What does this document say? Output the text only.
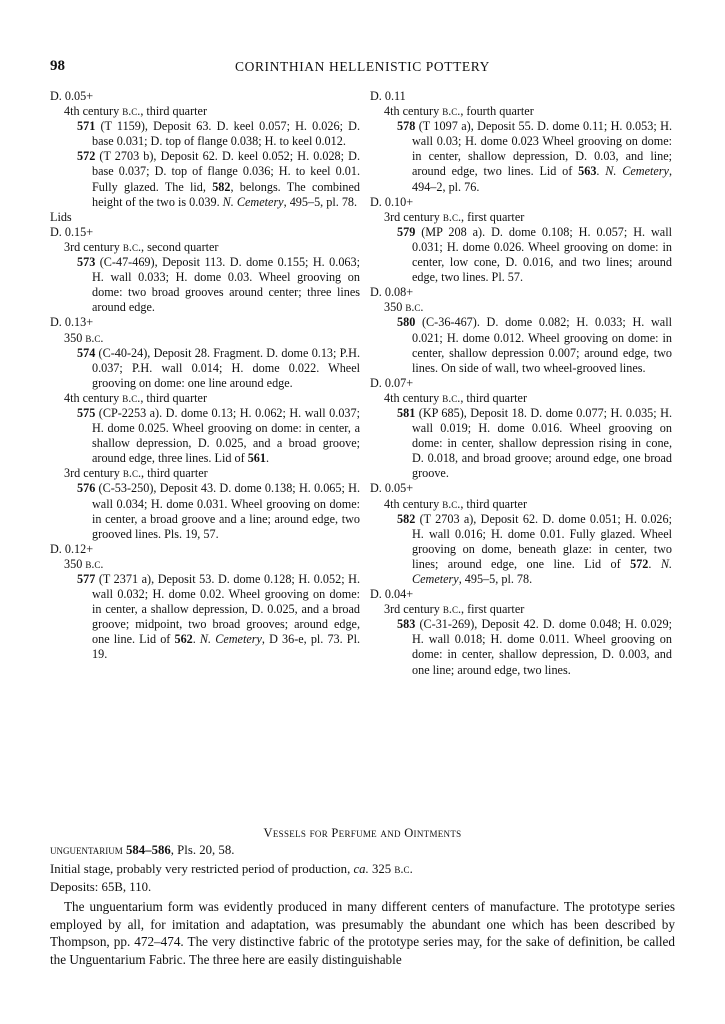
98	CORINTHIAN HELLENISTIC POTTERY
D. 0.05+
4th century b.c., third quarter
571 (T 1159), Deposit 63. D. keel 0.057; H. 0.026; D. base 0.031; D. top of flange 0.038; H. to keel 0.012.
572 (T 2703 b), Deposit 62. D. keel 0.052; H. 0.028; D. base 0.037; D. top of flange 0.036; H. to keel 0.01. Fully glazed. The lid, 582, belongs. The combined height of the two is 0.039. N. Cemetery, 495–5, pl. 78.
Lids
D. 0.15+
3rd century b.c., second quarter
573 (C-47-469), Deposit 113. D. dome 0.155; H. 0.063; H. wall 0.033; H. dome 0.03. Wheel grooving on dome: two broad grooves around center; three lines around edge.
D. 0.13+
350 b.c.
574 (C-40-24), Deposit 28. Fragment. D. dome 0.13; P.H. 0.037; P.H. wall 0.014; H. dome 0.022. Wheel grooving on dome: one line around edge.
4th century b.c., third quarter
575 (CP-2253 a). D. dome 0.13; H. 0.062; H. wall 0.037; H. dome 0.025. Wheel grooving on dome: in center, a shallow depression, D. 0.025, and a broad groove; around edge, three lines. Lid of 561.
3rd century b.c., third quarter
576 (C-53-250), Deposit 43. D. dome 0.138; H. 0.065; H. wall 0.034; H. dome 0.031. Wheel grooving on dome: in center, a broad groove and a line; around edge, two grooved lines. Pls. 19, 57.
D. 0.12+
350 b.c.
577 (T 2371 a), Deposit 53. D. dome 0.128; H. 0.052; H. wall 0.032; H. dome 0.02. Wheel grooving on dome: in center, a shallow depression, D. 0.025, and a broad groove; midpoint, two broad grooves; around edge, one line. Lid of 562. N. Cemetery, D 36-e, pl. 73. Pl. 19.
D. 0.11
4th century b.c., fourth quarter
578 (T 1097 a), Deposit 55. D. dome 0.11; H. 0.053; H. wall 0.03; H. dome 0.023 Wheel grooving on dome: in center, shallow depression, D. 0.03, and line; around edge, two lines. Lid of 563. N. Cemetery, 494–2, pl. 76.
D. 0.10+
3rd century b.c., first quarter
579 (MP 208 a). D. dome 0.108; H. 0.057; H. wall 0.031; H. dome 0.026. Wheel grooving on dome: in center, low cone, D. 0.016, and two lines; around edge, two lines. Pl. 57.
D. 0.08+
350 b.c.
580 (C-36-467). D. dome 0.082; H. 0.033; H. wall 0.021; H. dome 0.012. Wheel grooving on dome: in center, shallow depression 0.007; around edge, two lines. On side of wall, two wheel-grooved lines.
D. 0.07+
4th century b.c., third quarter
581 (KP 685), Deposit 18. D. dome 0.077; H. 0.035; H. wall 0.019; H. dome 0.016. Wheel grooving on dome: in center, shallow depression rising in cone, D. 0.018, and broad groove; around edge, one broad groove.
D. 0.05+
4th century b.c., third quarter
582 (T 2703 a), Deposit 62. D. dome 0.051; H. 0.026; H. wall 0.016; H. dome 0.01. Fully glazed. Wheel grooving on dome, beneath glaze: in center, two lines; around edge, one line. Lid of 572. N. Cemetery, 495–5, pl. 78.
D. 0.04+
3rd century b.c., first quarter
583 (C-31-269), Deposit 42. D. dome 0.048; H. 0.029; H. wall 0.018; H. dome 0.011. Wheel grooving on dome: in center, shallow depression, D. 0.003, and one line; around edge, two lines.
Vessels for Perfume and Ointments
unguentarium 584–586, Pls. 20, 58.
Initial stage, probably very restricted period of production, ca. 325 b.c.
Deposits: 65B, 110.
The unguentarium form was evidently produced in many different centers of manufacture. The prototype series employed by all, for imitation and adaptation, was presumably the abundant one which has been described by Thompson, pp. 472–474. The very distinctive fabric of the prototype series may, for the sake of definition, be called the Unguentarium Fabric. The three here are easily distinguishable
